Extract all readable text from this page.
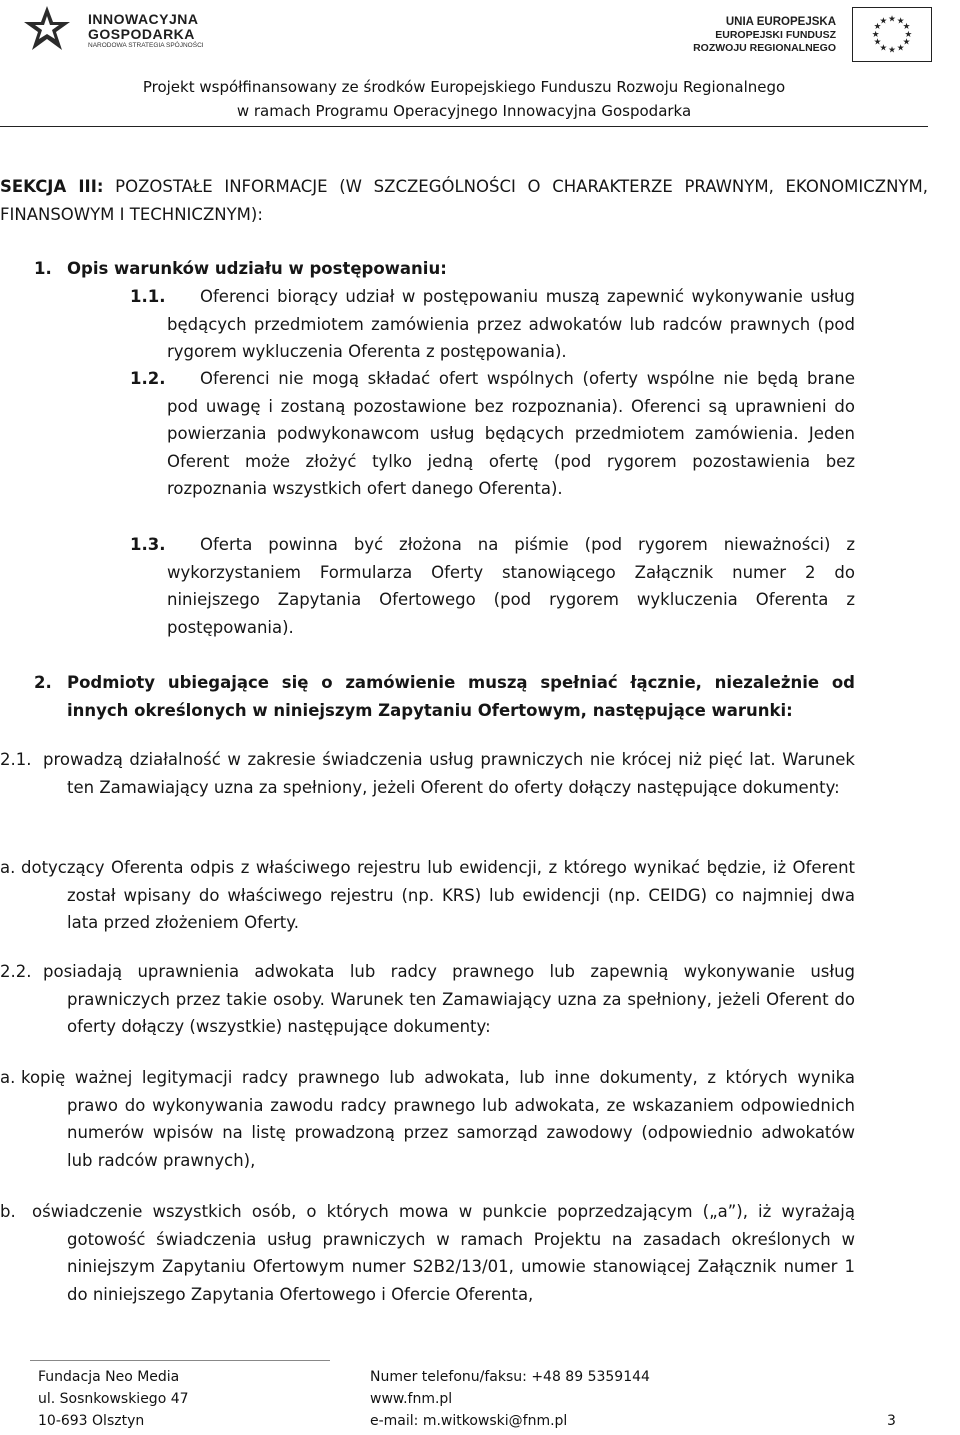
INNOWACYJNA
GOSPODARKA
NARODOWA STRATEGIA SPÓJNOŚCI
UNIA EUROPEJSKA
EUROPEJSKI FUNDUSZ
ROZWOJU REGIONALNEGO
★ ★
★
★
★
★
★
★
★
★
★
★
Projekt współfinansowany ze środków Europejskiego Funduszu Rozwoju Regionalnego
w ramach Programu Operacyjnego Innowacyjna Gospodarka
SEKCJA III: POZOSTAŁE INFORMACJE (W SZCZEGÓLNOŚCI O CHARAKTERZE PRAWNYM, EKONOMICZNYM, FINANSOWYM I TECHNICZNYM):
1. Opis warunków udziału w postępowaniu:
1.1.	Oferenci biorący udział w postępowaniu muszą zapewnić wykonywanie usług będących przedmiotem zamówienia przez adwokatów lub radców prawnych (pod rygorem wykluczenia Oferenta z postępowania).
1.2.	Oferenci nie mogą składać ofert wspólnych (oferty wspólne nie będą brane pod uwagę i zostaną pozostawione bez rozpoznania). Oferenci są uprawnieni do powierzania podwykonawcom usług będących przedmiotem zamówienia. Jeden Oferent może złożyć tylko jedną ofertę (pod rygorem pozostawienia bez rozpoznania wszystkich ofert danego Oferenta).
1.3.	Oferta powinna być złożona na piśmie (pod rygorem nieważności) z wykorzystaniem Formularza Oferty stanowiącego Załącznik numer 2 do niniejszego Zapytania Ofertowego (pod rygorem wykluczenia Oferenta z postępowania).
2. Podmioty ubiegające się o zamówienie muszą spełniać łącznie, niezależnie od innych określonych w niniejszym Zapytaniu Ofertowym, następujące warunki:
2.1. prowadzą działalność w zakresie świadczenia usług prawniczych nie krócej niż pięć lat. Warunek ten Zamawiający uzna za spełniony, jeżeli Oferent do oferty dołączy następujące dokumenty:
a. dotyczący Oferenta odpis z właściwego rejestru lub ewidencji, z którego wynikać będzie, iż Oferent został wpisany do właściwego rejestru (np. KRS) lub ewidencji (np. CEIDG) co najmniej dwa lata przed złożeniem Oferty.
2.2. posiadają uprawnienia adwokata lub radcy prawnego lub zapewnią wykonywanie usług prawniczych przez takie osoby. Warunek ten Zamawiający uzna za spełniony, jeżeli Oferent do oferty dołączy (wszystkie) następujące dokumenty:
a. kopię ważnej legitymacji radcy prawnego lub adwokata, lub inne dokumenty, z których wynika prawo do wykonywania zawodu radcy prawnego lub adwokata, ze wskazaniem odpowiednich numerów wpisów na listę prowadzoną przez samorząd zawodowy (odpowiednio adwokatów lub radców prawnych),
b. oświadczenie wszystkich osób, o których mowa w punkcie poprzedzającym („a”), iż wyrażają gotowość świadczenia usług prawniczych w ramach Projektu na zasadach określonych w niniejszym Zapytaniu Ofertowym numer S2B2/13/01, umowie stanowiącej Załącznik numer 1 do niniejszego Zapytania Ofertowego i Ofercie Oferenta,
Fundacja Neo Media
ul. Sosnkowskiego 47
10-693 Olsztyn
Numer telefonu/faksu: +48 89 5359144
www.fnm.pl
e-mail: m.witkowski@fnm.pl	3
